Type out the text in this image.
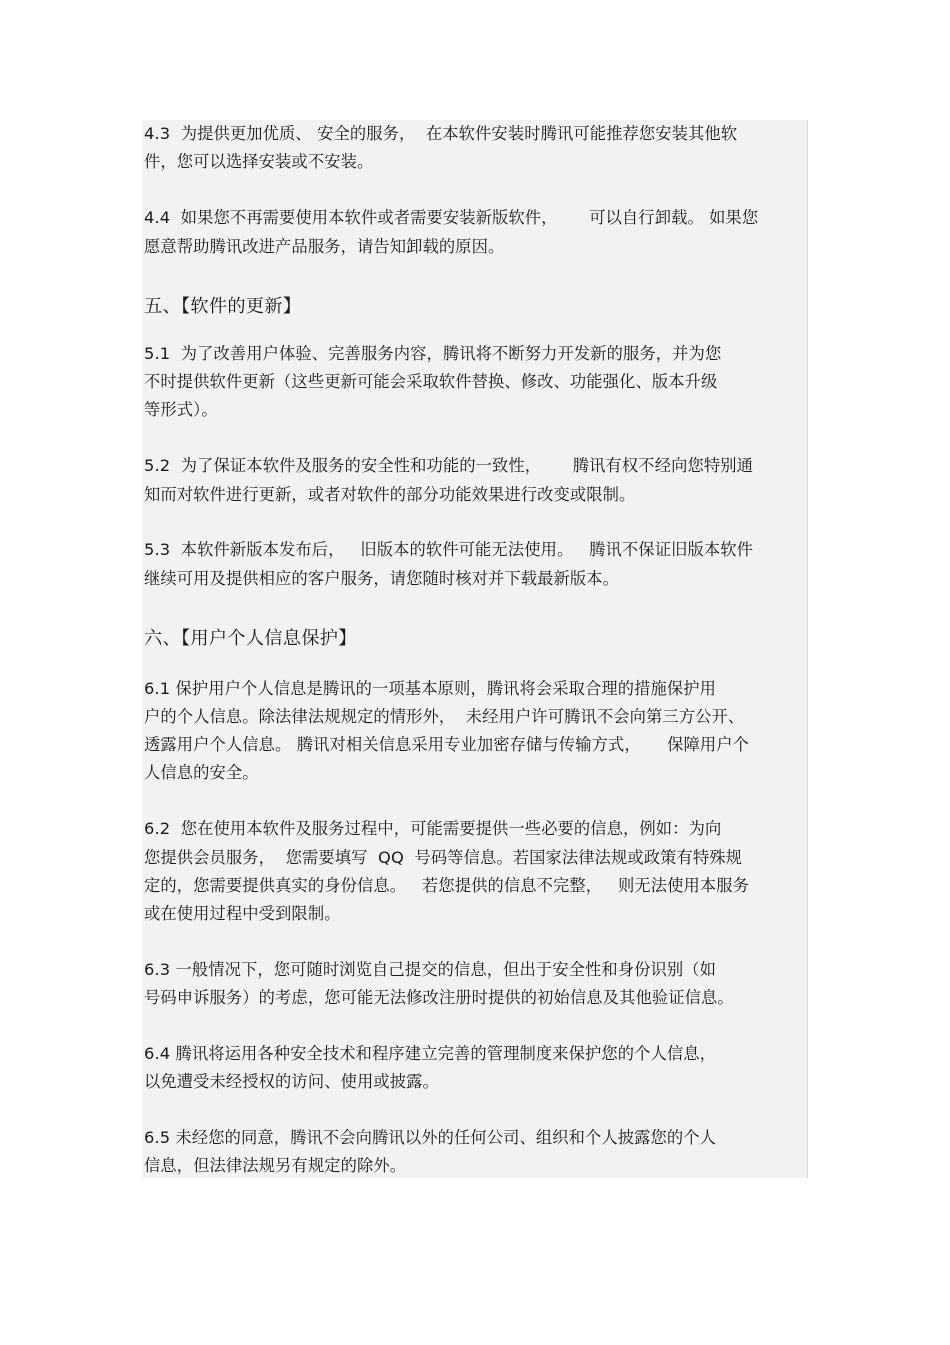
4.3  为提供更加优质、 安全的服务，  在本软件安装时腾讯可能推荐您安装其他软
件，您可以选择安装或不安装。
4.4  如果您不再需要使用本软件或者需要安装新版软件，      可以自行卸载。 如果您
愿意帮助腾讯改进产品服务，请告知卸载的原因。
五、【软件的更新】
5.1  为了改善用户体验、完善服务内容，腾讯将不断努力开发新的服务，并为您
不时提供软件更新（这些更新可能会采取软件替换、修改、功能强化、版本升级
等形式）。
5.2  为了保证本软件及服务的安全性和功能的一致性，      腾讯有权不经向您特别通
知而对软件进行更新，或者对软件的部分功能效果进行改变或限制。
5.3  本软件新版本发布后，   旧版本的软件可能无法使用。   腾讯不保证旧版本软件
继续可用及提供相应的客户服务，请您随时核对并下载最新版本。
六、【用户个人信息保护】
6.1 保护用户个人信息是腾讯的一项基本原则，腾讯将会采取合理的措施保护用
户的个人信息。除法律法规规定的情形外，  未经用户许可腾讯不会向第三方公开、
透露用户个人信息。 腾讯对相关信息采用专业加密存储与传输方式，     保障用户个
人信息的安全。
6.2  您在使用本软件及服务过程中，可能需要提供一些必要的信息，例如：为向
您提供会员服务，  您需要填写  QQ  号码等信息。若国家法律法规或政策有特殊规
定的，您需要提供真实的身份信息。   若您提供的信息不完整，   则无法使用本服务
或在使用过程中受到限制。
6.3 一般情况下，您可随时浏览自己提交的信息，但出于安全性和身份识别（如
号码申诉服务）的考虑，您可能无法修改注册时提供的初始信息及其他验证信息。
6.4 腾讯将运用各种安全技术和程序建立完善的管理制度来保护您的个人信息，
以免遭受未经授权的访问、使用或披露。
6.5 未经您的同意，腾讯不会向腾讯以外的任何公司、组织和个人披露您的个人
信息，但法律法规另有规定的除外。
